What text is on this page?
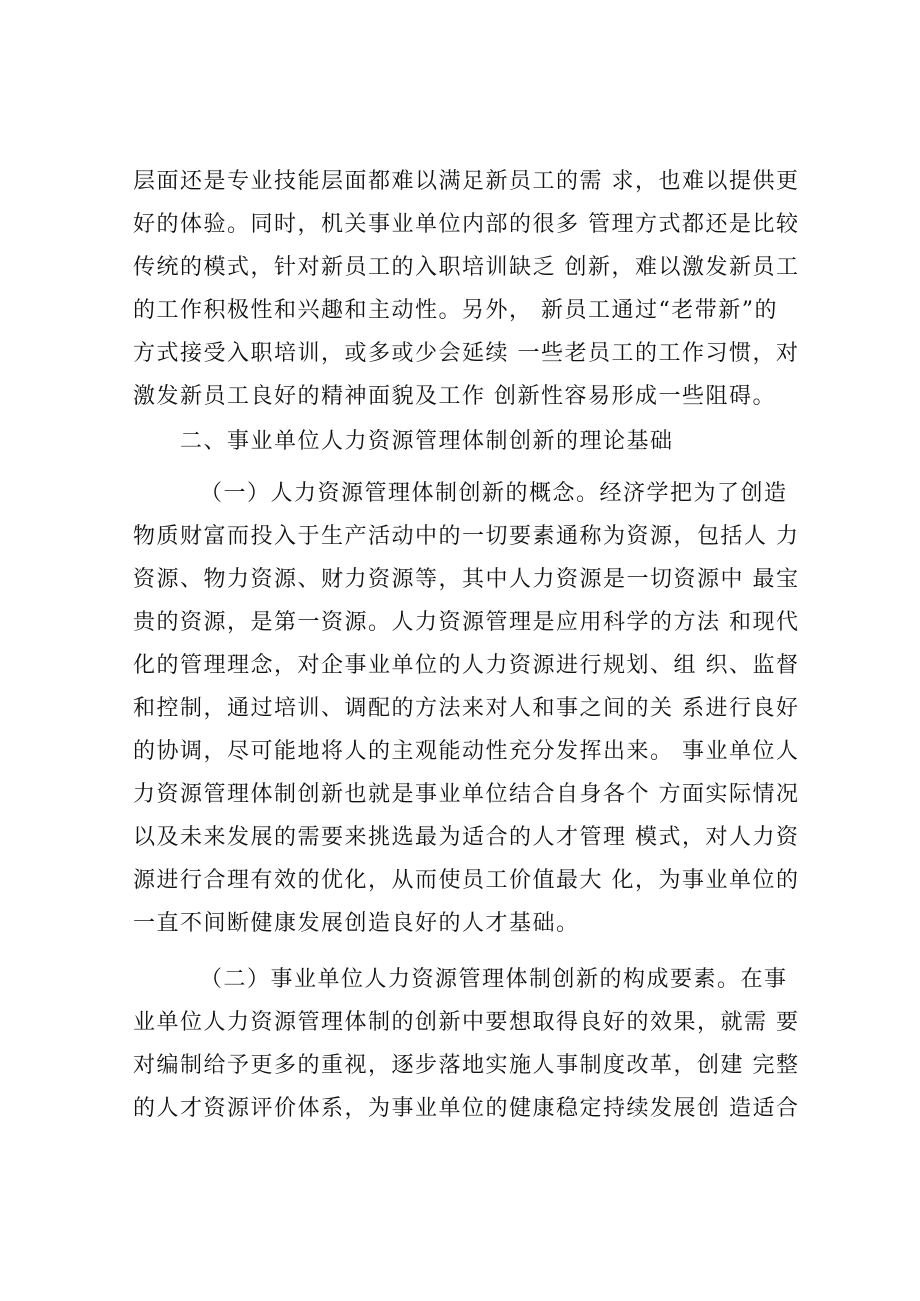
层面还是专业技能层面都难以满足新员工的需 求，也难以提供更

好的体验。同时，机关事业单位内部的很多 管理方式都还是比较

传统的模式，针对新员工的入职培训缺乏 创新，难以激发新员工

的工作积极性和兴趣和主动性。另外， 新员工通过“老带新”的

方式接受入职培训，或多或少会延续 一些老员工的工作习惯，对

激发新员工良好的精神面貌及工作 创新性容易形成一些阻碍。

二、事业单位人力资源管理体制创新的理论基础

（一）人力资源管理体制创新的概念。经济学把为了创造

物质财富而投入于生产活动中的一切要素通称为资源，包括人 力

资源、物力资源、财力资源等，其中人力资源是一切资源中 最宝

贵的资源，是第一资源。人力资源管理是应用科学的方法 和现代

化的管理理念，对企事业单位的人力资源进行规划、组 织、监督

和控制，通过培训、调配的方法来对人和事之间的关 系进行良好

的协调，尽可能地将人的主观能动性充分发挥出来。 事业单位人

力资源管理体制创新也就是事业单位结合自身各个 方面实际情况

以及未来发展的需要来挑选最为适合的人才管理 模式，对人力资

源进行合理有效的优化，从而使员工价值最大 化，为事业单位的

一直不间断健康发展创造良好的人才基础。

（二）事业单位人力资源管理体制创新的构成要素。在事

业单位人力资源管理体制的创新中要想取得良好的效果，就需 要

对编制给予更多的重视，逐步落地实施人事制度改革，创建 完整

的人才资源评价体系，为事业单位的健康稳定持续发展创 造适合
